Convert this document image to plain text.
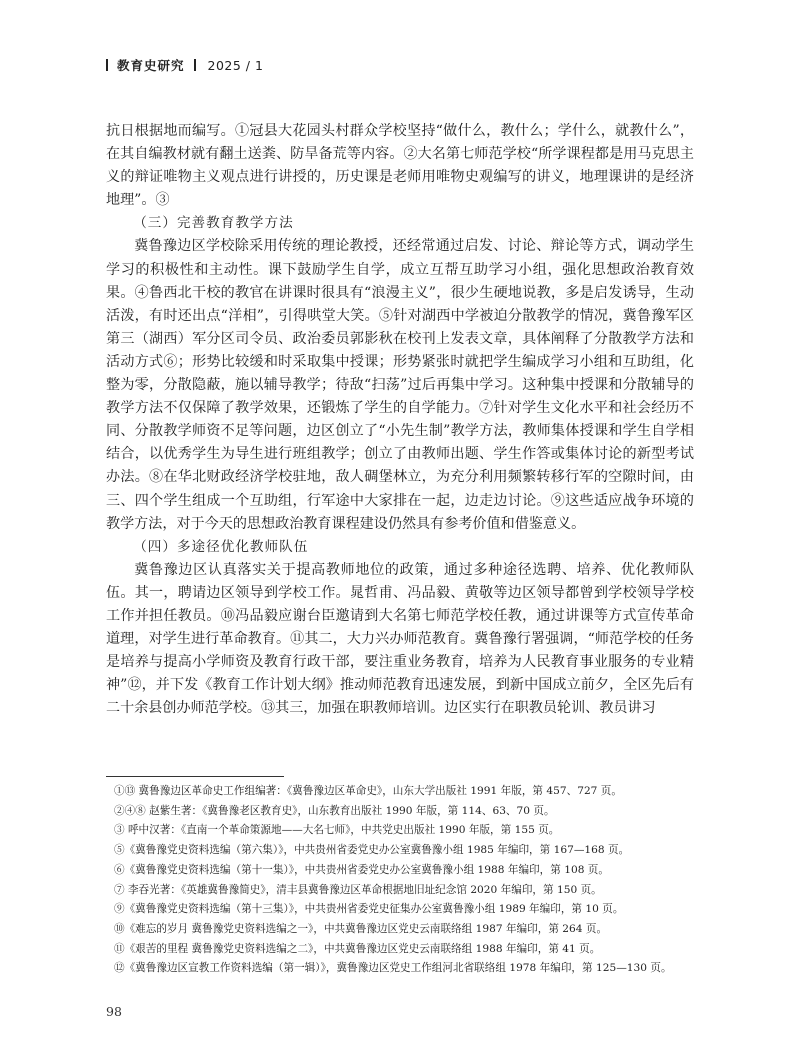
教育史研究 2025 / 1

抗日根据地而编写。①冠县大花园头村群众学校坚持“做什么，教什么；学什么，就教什么”，在其自编教材就有翻土送粪、防旱备荒等内容。②大名第七师范学校“所学课程都是用马克思主义的辩证唯物主义观点进行讲授的，历史课是老师用唯物史观编写的讲义，地理课讲的是经济地理”。③

（三）完善教育教学方法

冀鲁豫边区学校除采用传统的理论教授，还经常通过启发、讨论、辩论等方式，调动学生学习的积极性和主动性。课下鼓励学生自学，成立互帮互助学习小组，强化思想政治教育效果。④鲁西北干校的教官在讲课时很具有“浪漫主义”，很少生硬地说教，多是启发诱导，生动活泼，有时还出点“洋相”，引得哄堂大笑。⑤针对湖西中学被迫分散教学的情况，冀鲁豫军区第三（湖西）军分区司令员、政治委员郭影秋在校刊上发表文章，具体阐释了分散教学方法和活动方式⑥；形势比较缓和时采取集中授课；形势紧张时就把学生编成学习小组和互助组，化整为零，分散隐蔽，施以辅导教学；待敌“扫荡”过后再集中学习。这种集中授课和分散辅导的教学方法不仅保障了教学效果，还锻炼了学生的自学能力。⑦针对学生文化水平和社会经历不同、分散教学师资不足等问题，边区创立了“小先生制”教学方法，教师集体授课和学生自学相结合，以优秀学生为导生进行班组教学；创立了由教师出题、学生作答或集体讨论的新型考试办法。⑧在华北财政经济学校驻地，敌人碉堡林立，为充分利用频繁转移行军的空隙时间，由三、四个学生组成一个互助组，行军途中大家排在一起，边走边讨论。⑨这些适应战争环境的教学方法，对于今天的思想政治教育课程建设仍然具有参考价值和借鉴意义。

（四）多途径优化教师队伍

冀鲁豫边区认真落实关于提高教师地位的政策，通过多种途径选聘、培养、优化教师队伍。其一，聘请边区领导到学校工作。晁哲甫、冯品毅、黄敬等边区领导都曾到学校领导学校工作并担任教员。⑩冯品毅应谢台臣邀请到大名第七师范学校任教，通过讲课等方式宣传革命道理，对学生进行革命教育。⑪其二，大力兴办师范教育。冀鲁豫行署强调，“师范学校的任务是培养与提高小学师资及教育行政干部，要注重业务教育，培养为人民教育事业服务的专业精神”⑫，并下发《教育工作计划大纲》推动师范教育迅速发展，到新中国成立前夕，全区先后有二十余县创办师范学校。⑬其三，加强在职教师培训。边区实行在职教员轮训、教员讲习

①⑬ 冀鲁豫边区革命史工作组编著：《冀鲁豫边区革命史》，山东大学出版社 1991 年版，第 457、727 页。
②④⑧ 赵紫生著：《冀鲁豫老区教育史》，山东教育出版社 1990 年版，第 114、63、70 页。
③ 呼中汉著：《直南一个革命策源地——大名七师》，中共党史出版社 1990 年版，第 155 页。
⑤《冀鲁豫党史资料选编（第六集）》，中共贵州省委党史办公室冀鲁豫小组 1985 年编印，第 167—168 页。
⑥《冀鲁豫党史资料选编（第十一集）》，中共贵州省委党史办公室冀鲁豫小组 1988 年编印，第 108 页。
⑦ 李吞光著：《英雄冀鲁豫简史》，清丰县冀鲁豫边区革命根据地旧址纪念馆 2020 年编印，第 150 页。
⑨《冀鲁豫党史资料选编（第十三集）》，中共贵州省委党史征集办公室冀鲁豫小组 1989 年编印，第 10 页。
⑩《难忘的岁月 冀鲁豫党史资料选编之一》，中共冀鲁豫边区党史云南联络组 1987 年编印，第 264 页。
⑪《艰苦的里程 冀鲁豫党史资料选编之二》，中共冀鲁豫边区党史云南联络组 1988 年编印，第 41 页。
⑫《冀鲁豫边区宣教工作资料选编（第一辑）》，冀鲁豫边区党史工作组河北省联络组 1978 年编印，第 125—130 页。
98
